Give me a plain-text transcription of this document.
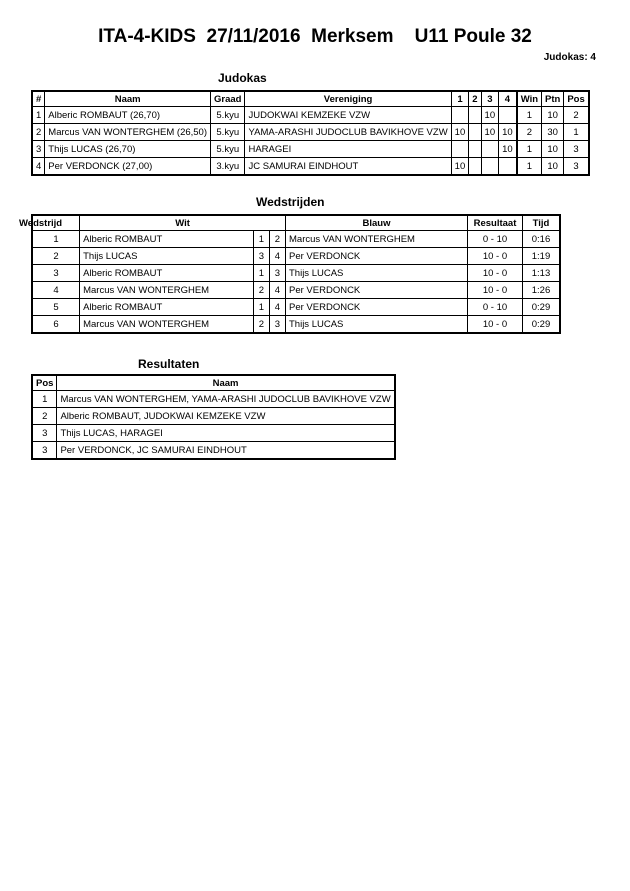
ITA-4-KIDS  27/11/2016  Merksem    U11 Poule 32
Judokas: 4
Judokas
#	Naam	Graad	Vereniging	1	2	3	4	Win	Ptn	Pos
1	Alberic ROMBAUT (26,70)	5.kyu	JUDOKWAI KEMZEKE VZW			10		1	10	2
2	Marcus VAN WONTERGHEM (26,50)	5.kyu	YAMA-ARASHI JUDOCLUB BAVIKHOVE VZW	10		10	10	2	30	1
3	Thijs LUCAS (26,70)	5.kyu	HARAGEI				10	1	10	3
4	Per VERDONCK (27,00)	3.kyu	JC SAMURAI EINDHOUT	10				1	10	3
Wedstrijden
Wedstrijd	Wit			Blauw	Resultaat	Tijd
1	Alberic ROMBAUT	1	2	Marcus VAN WONTERGHEM	0 - 10	0:16
2	Thijs LUCAS	3	4	Per VERDONCK	10 - 0	1:19
3	Alberic ROMBAUT	1	3	Thijs LUCAS	10 - 0	1:13
4	Marcus VAN WONTERGHEM	2	4	Per VERDONCK	10 - 0	1:26
5	Alberic ROMBAUT	1	4	Per VERDONCK	0 - 10	0:29
6	Marcus VAN WONTERGHEM	2	3	Thijs LUCAS	10 - 0	0:29
Resultaten
Pos	Naam
1	Marcus VAN WONTERGHEM, YAMA-ARASHI JUDOCLUB BAVIKHOVE VZW
2	Alberic ROMBAUT, JUDOKWAI KEMZEKE VZW
3	Thijs LUCAS, HARAGEI
3	Per VERDONCK, JC SAMURAI EINDHOUT
